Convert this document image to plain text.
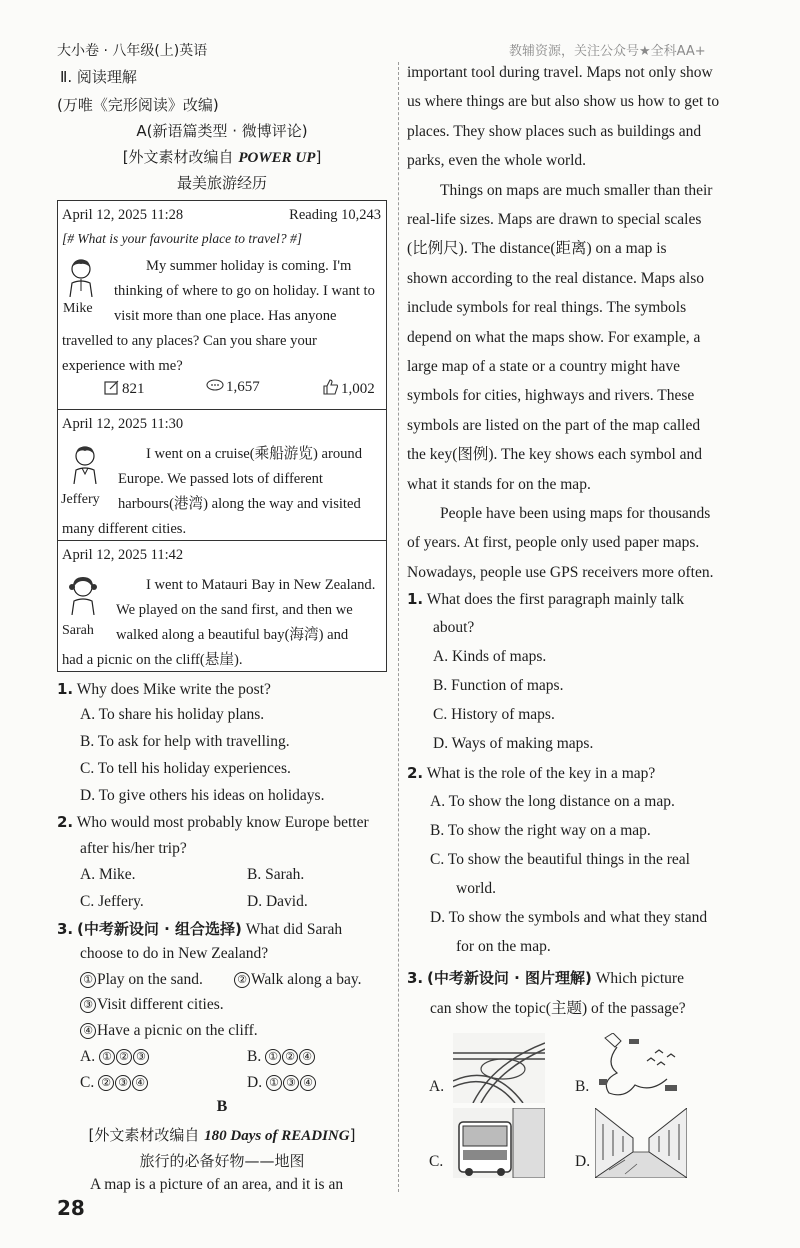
大小卷 · 八年级(上)英语	教辅资源，关注公众号★全科AA+
Ⅱ. 阅读理解
(万唯《完形阅读》改编)
A(新语篇类型 · 微博评论)
[外文素材改编自 POWER UP]
最美旅游经历
April 12, 2025 11:28	Reading 10,243
[# What is your favourite place to travel? #]
Mike
My summer holiday is coming. I'm
thinking of where to go on holiday. I want to
visit more than one place. Has anyone
travelled to any places? Can you share your
experience with me?
821	1,657	1,002
April 12, 2025 11:30
Jeffery
I went on a cruise(乘船游览) around
Europe. We passed lots of different
harbours(港湾) along the way and visited
many different cities.
April 12, 2025 11:42
Sarah
I went to Matauri Bay in New Zealand.
We played on the sand first, and then we
walked along a beautiful bay(海湾) and
had a picnic on the cliff(悬崖).
1. Why does Mike write the post?
A. To share his holiday plans.
B. To ask for help with travelling.
C. To tell his holiday experiences.
D. To give others his ideas on holidays.
2. Who would most probably know Europe better
after his/her trip?
A. Mike.	B. Sarah.
C. Jeffery.	D. David.
3. (中考新设问 · 组合选择) What did Sarah
choose to do in New Zealand?
① Play on the sand.	② Walk along a bay.
③ Visit different cities.
④ Have a picnic on the cliff.
A. ① ② ③	B. ① ② ④
C. ② ③ ④	D. ① ③ ④
B
[外文素材改编自 180 Days of READING]
旅行的必备好物——地图
A map is a picture of an area, and it is an
28
important tool during travel. Maps not only show
us where things are but also show us how to get to
places. They show places such as buildings and
parks, even the whole world.
Things on maps are much smaller than their
real-life sizes. Maps are drawn to special scales
(比例尺). The distance(距离) on a map is
shown according to the real distance. Maps also
include symbols for real things. The symbols
depend on what the maps show. For example, a
large map of a state or a country might have
symbols for cities, highways and rivers. These
symbols are listed on the part of the map called
the key(图例). The key shows each symbol and
what it stands for on the map.
People have been using maps for thousands
of years. At first, people only used paper maps.
Nowadays, people use GPS receivers more often.
1. What does the first paragraph mainly talk
about?
A. Kinds of maps.
B. Function of maps.
C. History of maps.
D. Ways of making maps.
2. What is the role of the key in a map?
A. To show the long distance on a map.
B. To show the right way on a map.
C. To show the beautiful things in the real
world.
D. To show the symbols and what they stand
for on the map.
3. (中考新设问 · 图片理解) Which picture
can show the topic(主题) of the passage?
A.	B.
C.	D.
